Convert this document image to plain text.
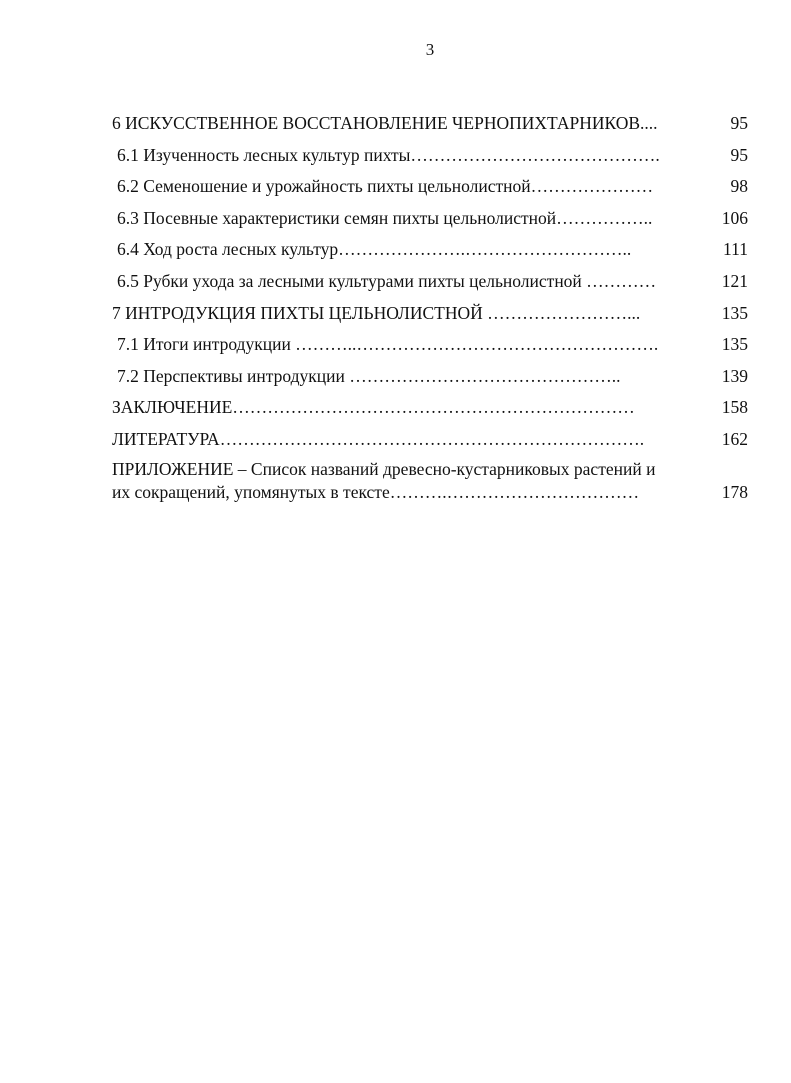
3
6 ИСКУССТВЕННОЕ ВОССТАНОВЛЕНИЕ ЧЕРНОПИХТАРНИКОВ....	95
6.1 Изученность лесных культур пихты…………………………………….	95
6.2 Семеношение и урожайность пихты цельнолистной…………………	98
6.3 Посевные характеристики семян пихты цельнолистной……………..	106
6.4 Ход роста лесных культур………………….………………………..	111
6.5 Рубки ухода за лесными культурами пихты цельнолистной …………	121
7 ИНТРОДУКЦИЯ ПИХТЫ ЦЕЛЬНОЛИСТНОЙ ……………………...	135
7.1 Итоги интродукции ………..…………………………………………….	135
7.2 Перспективы интродукции ………………………………………..	139
ЗАКЛЮЧЕНИЕ……………………………………………………………	158
ЛИТЕРАТУРА……………………………………………………………….	162
ПРИЛОЖЕНИЕ – Список названий древесно-кустарниковых растений и
их сокращений, упомянутых в тексте……….……………………………	178
